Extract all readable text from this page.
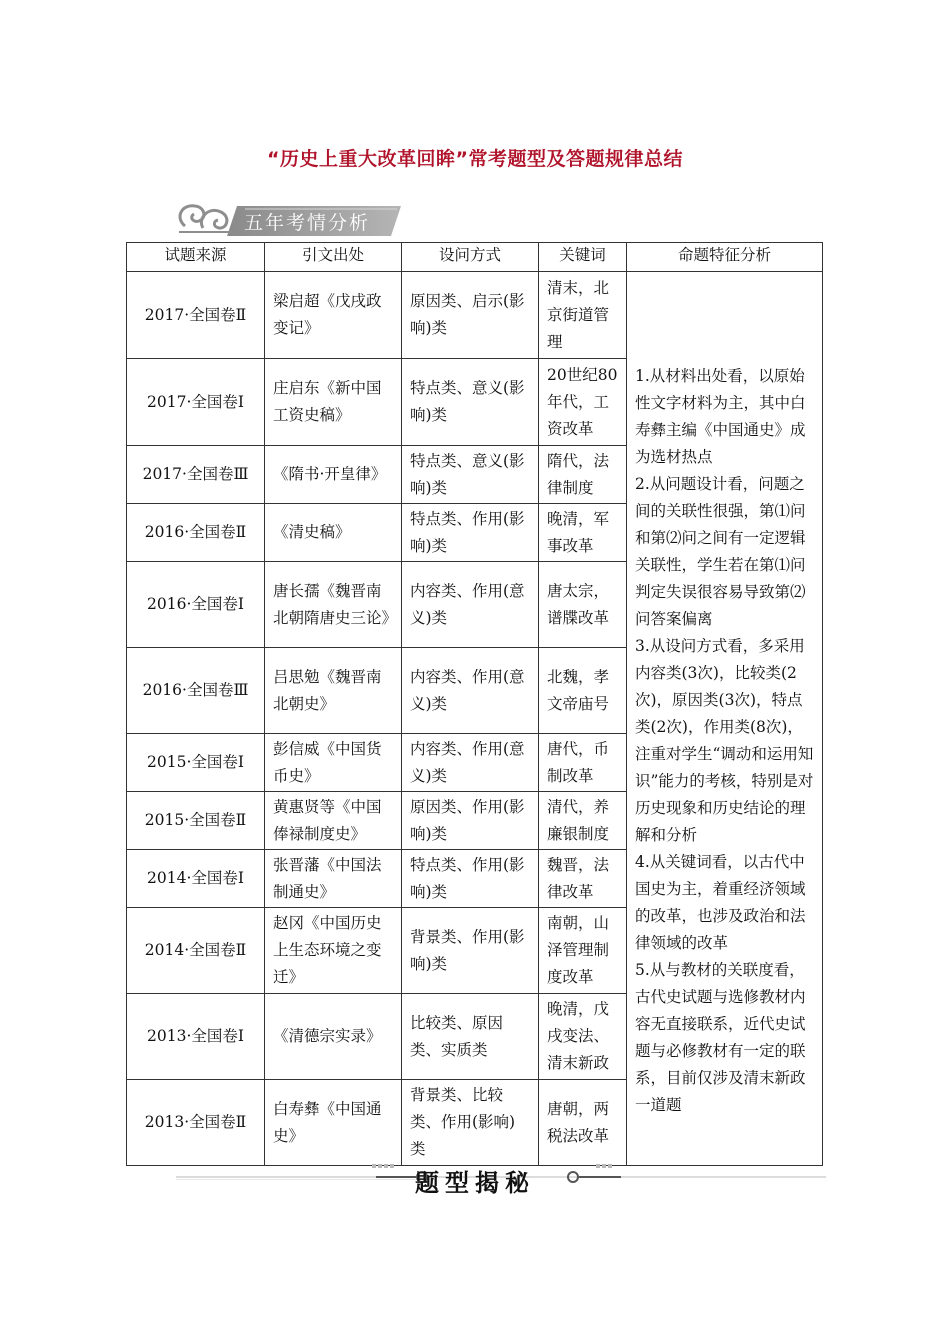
“历史上重大改革回眸”常考题型及答题规律总结
五年考情分析
试题来源	引文出处	设问方式	关键词	命题特征分析
2017·全国卷Ⅱ	梁启超《戊戌政变记》	原因类、启示(影响)类	清末，北京街道管理	1.从材料出处看，以原始性文字材料为主，其中白寿彝主编《中国通史》成为选材热点
2.从问题设计看，问题之间的关联性很强，第⑴问和第⑵问之间有一定逻辑关联性，学生若在第⑴问判定失误很容易导致第⑵问答案偏离
3.从设问方式看，多采用内容类(3次)，比较类(2次)，原因类(3次)，特点类(2次)，作用类(8次)，注重对学生“调动和运用知识”能力的考核，特别是对历史现象和历史结论的理解和分析
4.从关键词看，以古代中国史为主，着重经济领域的改革，也涉及政治和法律领域的改革
5.从与教材的关联度看，古代史试题与选修教材内容无直接联系，近代史试题与必修教材有一定的联系，目前仅涉及清末新政一道题

2017·全国卷Ⅰ	庄启东《新中国工资史稿》	特点类、意义(影响)类	20世纪80年代，工资改革	
2017·全国卷Ⅲ	《隋书·开皇律》	特点类、意义(影响)类	隋代，法律制度	
2016·全国卷Ⅱ	《清史稿》	特点类、作用(影响)类	晚清，军事改革	
2016·全国卷Ⅰ	唐长孺《魏晋南北朝隋唐史三论》	内容类、作用(意义)类	唐太宗，谱牒改革	
2016·全国卷Ⅲ	吕思勉《魏晋南北朝史》	内容类、作用(意义)类	北魏，孝文帝庙号	
2015·全国卷Ⅰ	彭信威《中国货币史》	内容类、作用(意义)类	唐代，币制改革	
2015·全国卷Ⅱ	黄惠贤等《中国俸禄制度史》	原因类、作用(影响)类	清代，养廉银制度	
2014·全国卷Ⅰ	张晋藩《中国法制通史》	特点类、作用(影响)类	魏晋，法律改革	
2014·全国卷Ⅱ	赵冈《中国历史上生态环境之变迁》	背景类、作用(影响)类	南朝，山泽管理制度改革	
2013·全国卷Ⅰ	《清德宗实录》	比较类、原因类、实质类	晚清，戊戌变法、清末新政	
2013·全国卷Ⅱ	白寿彝《中国通史》	背景类、比较类、作用(影响)类	唐朝，两税法改革	
题型揭秘
